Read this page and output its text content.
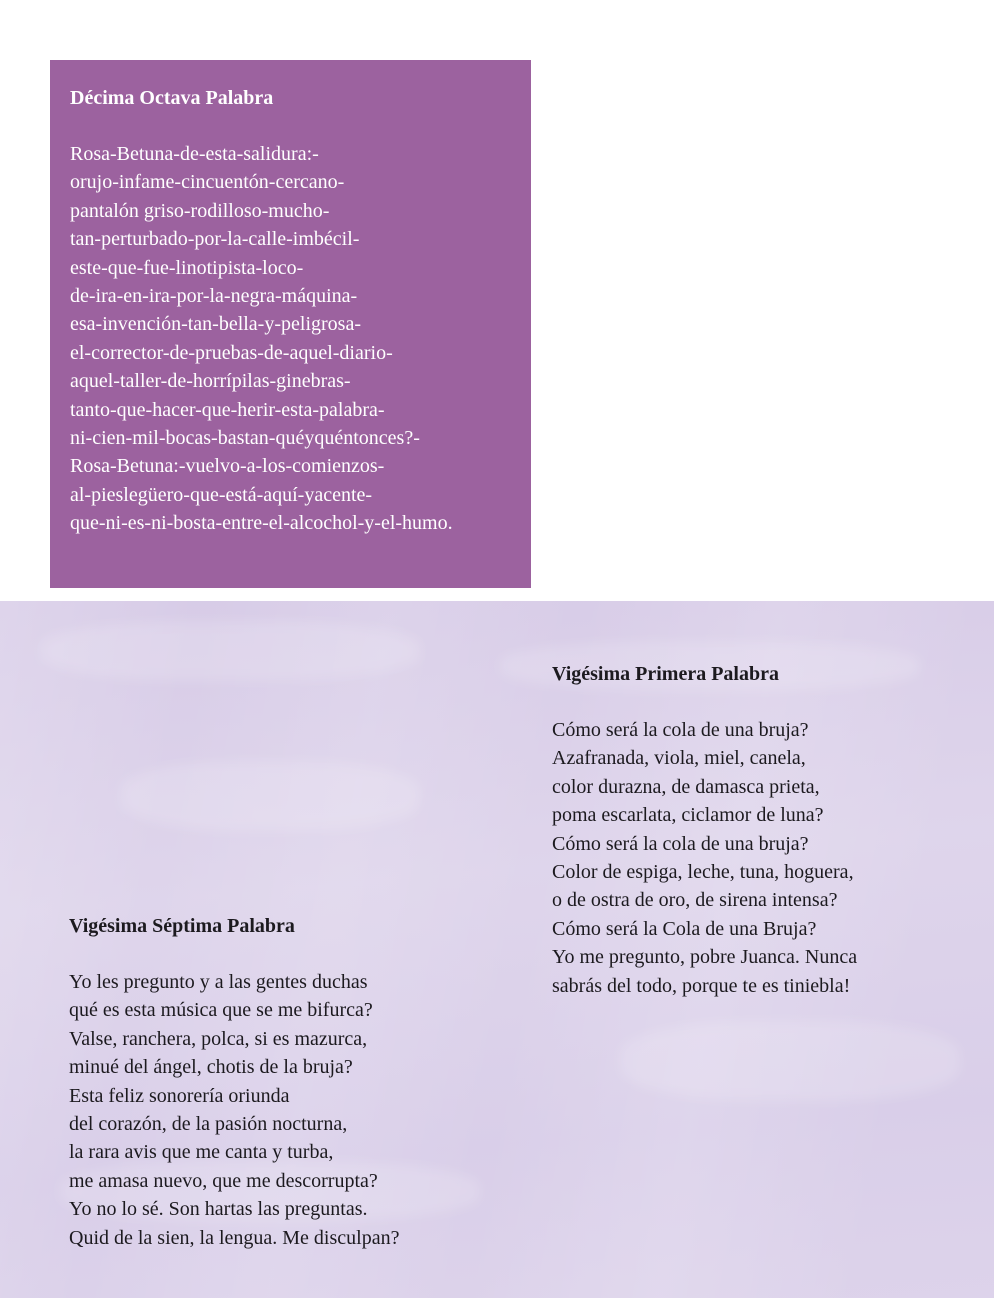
Décima Octava Palabra
Rosa-Betuna-de-esta-salidura:-
orujo-infame-cincuentón-cercano-
pantalón griso-rodilloso-mucho-
tan-perturbado-por-la-calle-imbécil-
este-que-fue-linotipista-loco-
de-ira-en-ira-por-la-negra-máquina-
esa-invención-tan-bella-y-peligrosa-
el-corrector-de-pruebas-de-aquel-diario-
aquel-taller-de-horrípilas-ginebras-
tanto-que-hacer-que-herir-esta-palabra-
ni-cien-mil-bocas-bastan-quéyquéntonces?-
Rosa-Betuna:-vuelvo-a-los-comienzos-
al-pieslegüero-que-está-aquí-yacente-
que-ni-es-ni-bosta-entre-el-alcochol-y-el-humo.
Vigésima Primera Palabra
Cómo será la cola de una bruja?
Azafranada, viola, miel, canela,
color durazna, de damasca prieta,
poma escarlata, ciclamor de luna?
Cómo será la cola de una bruja?
Color de espiga, leche, tuna, hoguera,
o de ostra de oro, de sirena intensa?
Cómo será la Cola de una Bruja?
Yo me pregunto, pobre Juanca. Nunca
sabrás del todo, porque te es tiniebla!
Vigésima Séptima Palabra
Yo les pregunto y a las gentes duchas
qué es esta música que se me bifurca?
Valse, ranchera, polca, si es mazurca,
minué del ángel, chotis de la bruja?
Esta feliz sonorería oriunda
del corazón, de la pasión nocturna,
la rara avis que me canta y turba,
me amasa nuevo, que me descorrupta?
Yo no lo sé. Son hartas las preguntas.
Quid de la sien, la lengua. Me disculpan?
